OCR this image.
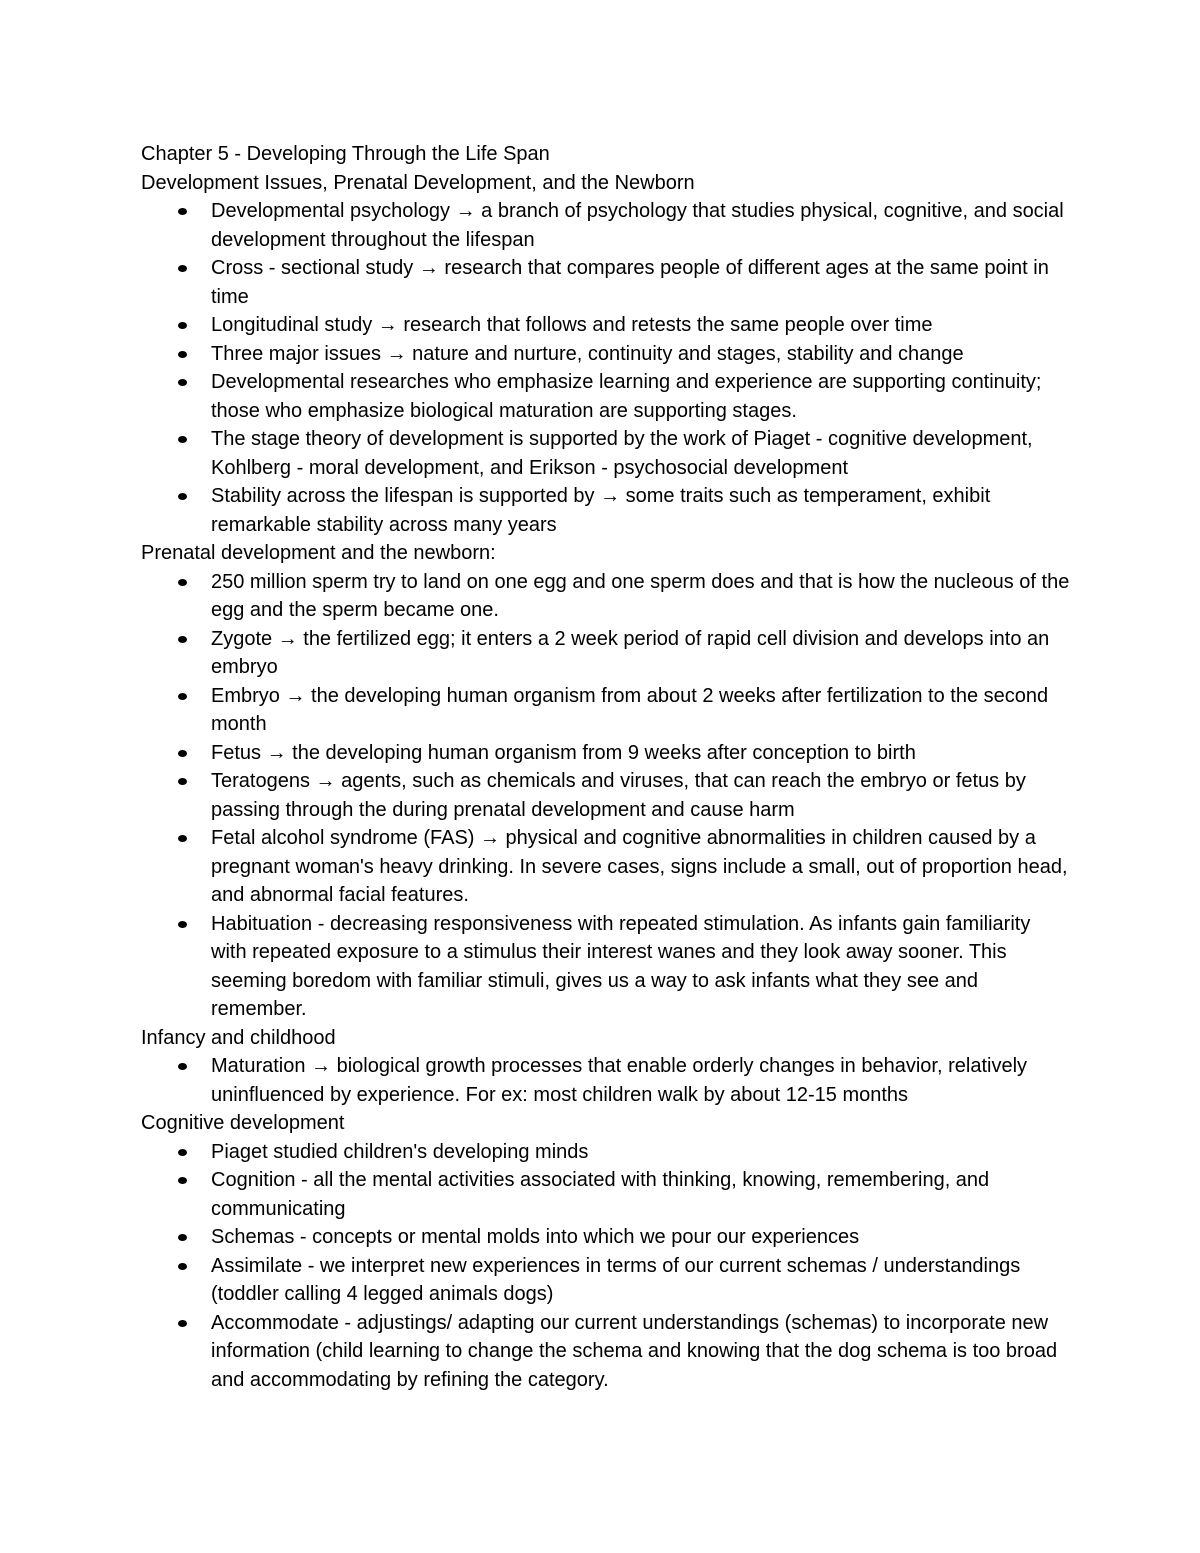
Chapter 5 - Developing Through the Life Span

Development Issues, Prenatal Development, and the Newborn

Developmental psychology → a branch of psychology that studies physical, cognitive, and social development throughout the lifespan
Cross - sectional study → research that compares people of different ages at the same point in time
Longitudinal study → research that follows and retests the same people over time
Three major issues → nature and nurture, continuity and stages, stability and change
Developmental researches who emphasize learning and experience are supporting continuity; those who emphasize biological maturation are supporting stages.
The stage theory of development is supported by the work of Piaget - cognitive development, Kohlberg - moral development, and Erikson - psychosocial development
Stability across the lifespan is supported by → some traits such as temperament, exhibit remarkable stability across many years

Prenatal development and the newborn:

250 million sperm try to land on one egg and one sperm does and that is how the nucleous of the egg and the sperm became one.
Zygote → the fertilized egg; it enters a 2 week period of rapid cell division and develops into an embryo
Embryo → the developing human organism from about 2 weeks after fertilization to the second month
Fetus → the developing human organism from 9 weeks after conception to birth
Teratogens → agents, such as chemicals and viruses, that can reach the embryo or fetus by passing through the during prenatal development and cause harm
Fetal alcohol syndrome (FAS) → physical and cognitive abnormalities in children caused by a pregnant woman's heavy drinking. In severe cases, signs include a small, out of proportion head, and abnormal facial features.
Habituation - decreasing responsiveness with repeated stimulation. As infants gain familiarity with repeated exposure to a stimulus their interest wanes and they look away sooner. This seeming boredom with familiar stimuli, gives us a way to ask infants what they see and remember.

Infancy and childhood

Maturation → biological growth processes that enable orderly changes in behavior, relatively uninfluenced by experience. For ex: most children walk by about 12-15 months

Cognitive development

Piaget studied children's developing minds
Cognition - all the mental activities associated with thinking, knowing, remembering, and communicating
Schemas - concepts or mental molds into which we pour our experiences
Assimilate - we interpret new experiences in terms of our current schemas / understandings (toddler calling 4 legged animals dogs)
Accommodate - adjustings/ adapting our current understandings (schemas) to incorporate new information (child learning to change the schema and knowing that the dog schema is too broad and accommodating by refining the category.
